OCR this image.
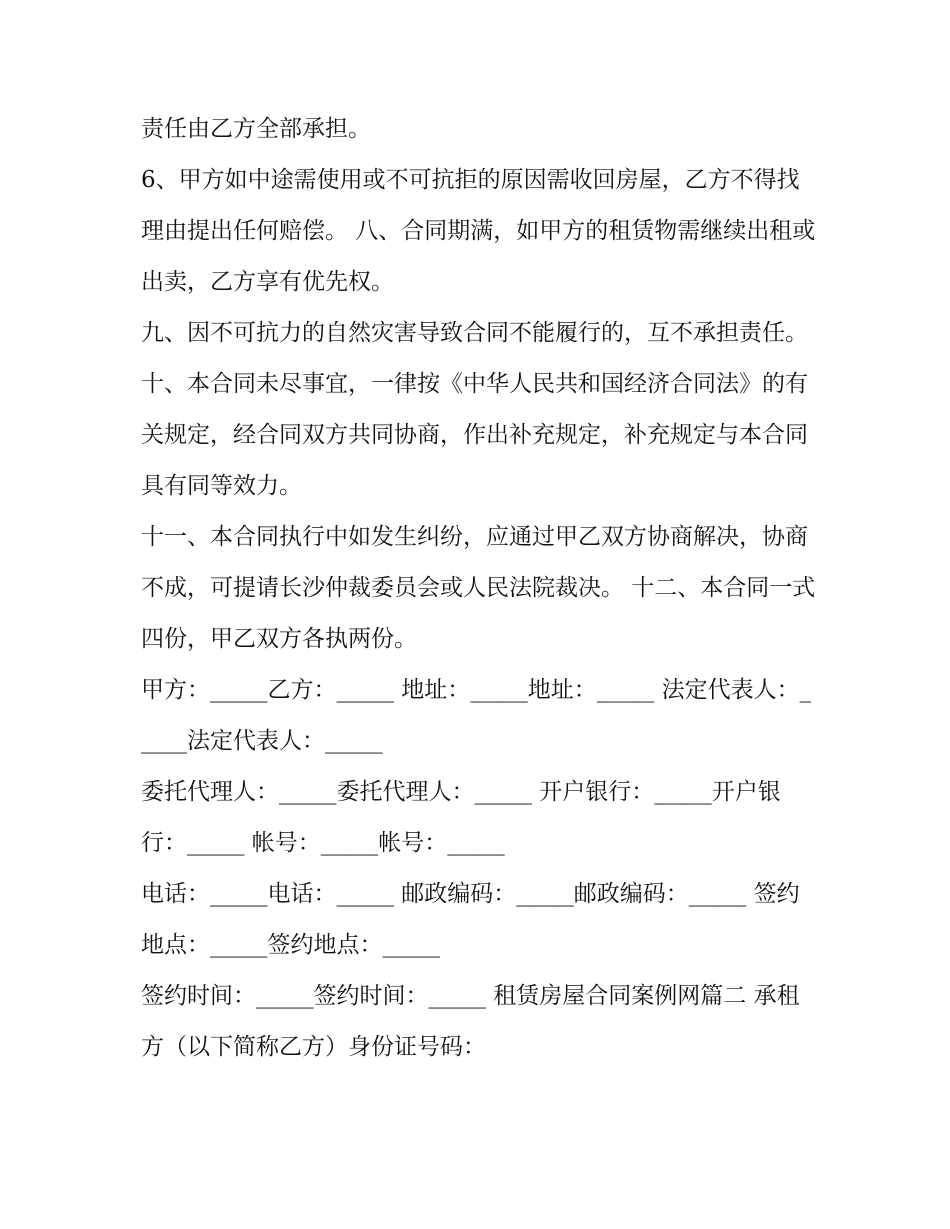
责任由乙方全部承担。

6、甲方如中途需使用或不可抗拒的原因需收回房屋，乙方不得找理由提出任何赔偿。 八、合同期满，如甲方的租赁物需继续出租或出卖，乙方享有优先权。

九、因不可抗力的自然灾害导致合同不能履行的，互不承担责任。

十、本合同未尽事宜，一律按《中华人民共和国经济合同法》的有关规定，经合同双方共同协商，作出补充规定，补充规定与本合同具有同等效力。

十一、本合同执行中如发生纠纷，应通过甲乙双方协商解决，协商不成，可提请长沙仲裁委员会或人民法院裁决。 十二、本合同一式四份，甲乙双方各执两份。

甲方：_____乙方：_____ 地址：_____地址：_____ 法定代表人：_____法定代表人：_____

委托代理人：_____委托代理人：_____ 开户银行：_____开户银行：_____ 帐号：_____帐号：_____

电话：_____电话：_____ 邮政编码：_____邮政编码：_____ 签约地点：_____签约地点：_____

签约时间：_____签约时间：_____ 租赁房屋合同案例网篇二 承租方（以下简称乙方）身份证号码：
